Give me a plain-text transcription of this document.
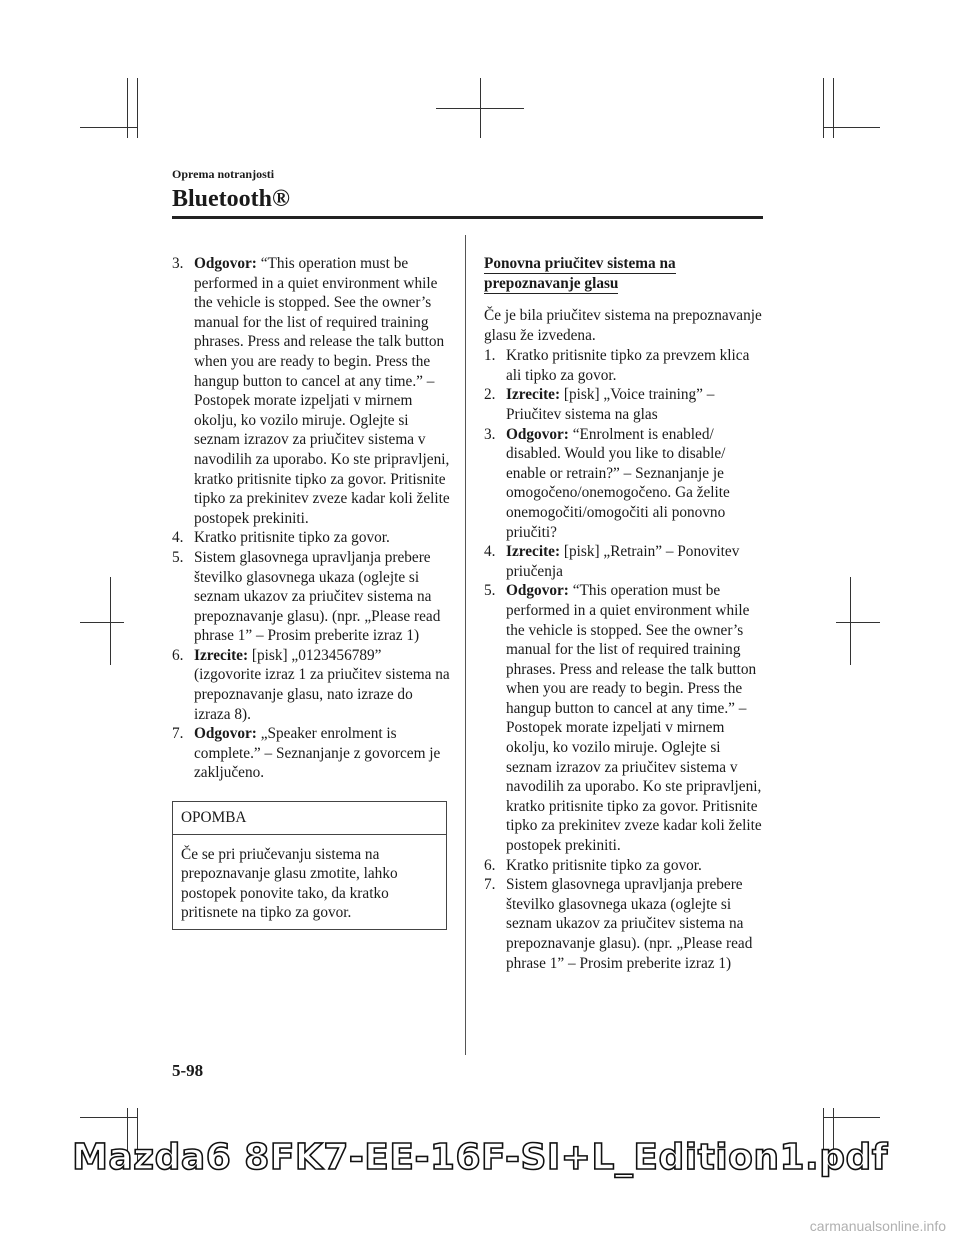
Oprema notranjosti
Bluetooth®

3. Odgovor: “This operation must be performed in a quiet environment while the vehicle is stopped. See the owner’s manual for the list of required training phrases. Press and release the talk button when you are ready to begin. Press the hangup button to cancel at any time.” – Postopek morate izpeljati v mirnem okolju, ko vozilo miruje. Oglejte si seznam izrazov za priučitev sistema v navodilih za uporabo. Ko ste pripravljeni, kratko pritisnite tipko za govor. Pritisnite tipko za prekinitev zveze kadar koli želite postopek prekiniti.

4. Kratko pritisnite tipko za govor.

5. Sistem glasovnega upravljanja prebere številko glasovnega ukaza (oglejte si seznam ukazov za priučitev sistema na prepoznavanje glasu). (npr. „Please read phrase 1” – Prosim preberite izraz 1)

6. Izrecite: [pisk] „0123456789” (izgovorite izraz 1 za priučitev sistema na prepoznavanje glasu, nato izraze do izraza 8).

7. Odgovor: „Speaker enrolment is complete.” – Seznanjanje z govorcem je zaključeno.

OPOMBA
Če se pri priučevanju sistema na prepoznavanje glasu zmotite, lahko postopek ponovite tako, da kratko pritisnete na tipko za govor.
Ponovna priučitev sistema na
prepoznavanje glasu

Če je bila priučitev sistema na prepoznavanje glasu že izvedena.

1. Kratko pritisnite tipko za prevzem klica ali tipko za govor.

2. Izrecite: [pisk] „Voice training” – Priučitev sistema na glas

3. Odgovor: “Enrolment is enabled/ disabled. Would you like to disable/ enable or retrain?” – Seznanjanje je omogočeno/onemogočeno. Ga želite onemogočiti/omogočiti ali ponovno priučiti?

4. Izrecite: [pisk] „Retrain” – Ponovitev priučenja

5. Odgovor: “This operation must be performed in a quiet environment while the vehicle is stopped. See the owner’s manual for the list of required training phrases. Press and release the talk button when you are ready to begin. Press the hangup button to cancel at any time.” – Postopek morate izpeljati v mirnem okolju, ko vozilo miruje. Oglejte si seznam izrazov za priučitev sistema v navodilih za uporabo. Ko ste pripravljeni, kratko pritisnite tipko za govor. Pritisnite tipko za prekinitev zveze kadar koli želite postopek prekiniti.

6. Kratko pritisnite tipko za govor.

7. Sistem glasovnega upravljanja prebere številko glasovnega ukaza (oglejte si seznam ukazov za priučitev sistema na prepoznavanje glasu). (npr. „Please read phrase 1” – Prosim preberite izraz 1)

5-98
Mazda6 8FK7-EE-16F-SI+L_Edition1.pdf
carmanualsonline.info
